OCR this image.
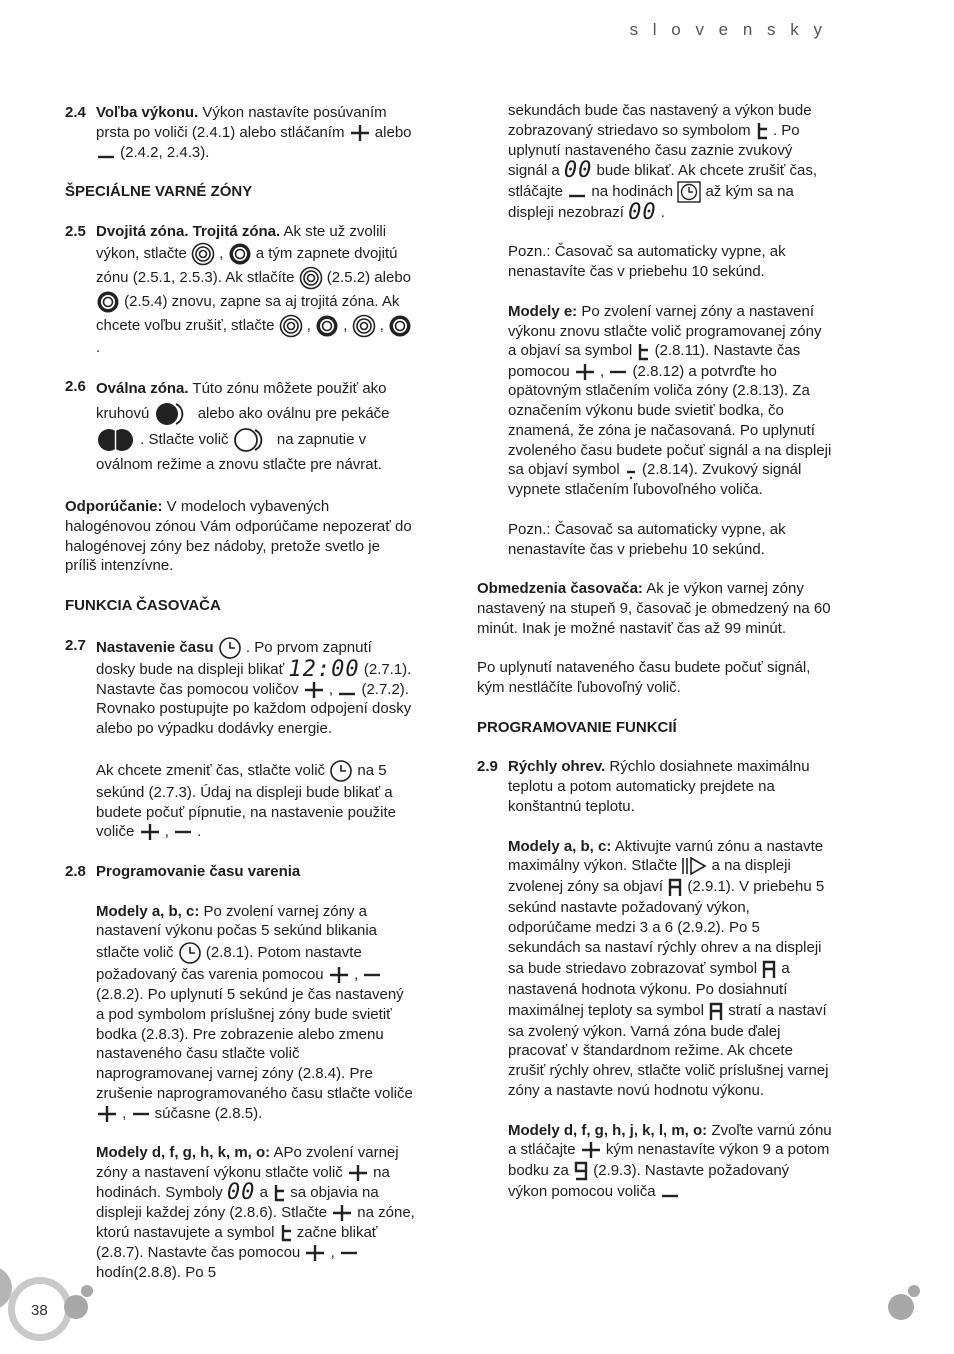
s l o v e n s k y
2.4 Voľba výkonu. Výkon nastavíte posúvaním prsta po voliči (2.4.1) alebo stláčaním
alebo
(2.4.2, 2.4.3).
ŠPECIÁLNE VARNÉ ZÓNY
2.5 Dvojitá zóna. Trojitá zóna. Ak ste už zvolili výkon, stlačte
,
a tým zapnete dvojitú zónu (2.5.1, 2.5.3). Ak stlačíte
(2.5.2) alebo
(2.5.4) znovu, zapne sa aj trojitá zóna. Ak chcete voľbu zrušiť, stlačte
,
,
,
.
2.6 Oválna zóna. Túto zónu môžete použiť ako kruhovú	alebo ako oválnu pre pekáče
. Stlačte volič	na zapnutie v oválnom režime a znovu stlačte pre návrat.

Odporúčanie: V modeloch vybavených halogénovou zónou Vám odporúčame nepozerať do halogénovej zóny bez nádoby, pretože svetlo je príliš intenzívne.

FUNKCIA ČASOVAČA
2.7 Nastavenie času
. Po prvom zapnutí dosky bude na displeji blikať 12:00 (2.7.1). Nastavte čas pomocou voličov
,
(2.7.2). Rovnako postupujte po každom odpojení dosky alebo po výpadku dodávky energie.
Ak chcete zmeniť čas, stlačte volič
na 5 sekúnd (2.7.3). Údaj na displeji bude blikať a budete počuť pípnutie, na nastavenie použite voliče
,
.
2.8 Programovanie času varenia
Modely a, b, c: Po zvolení varnej zóny a nastavení výkonu počas 5 sekúnd blikania stlačte volič
(2.8.1). Potom nastavte požadovaný čas varenia pomocou
,
(2.8.2). Po uplynutí 5 sekúnd je čas nastavený a pod symbolom príslušnej zóny bude svietiť bodka (2.8.3). Pre zobrazenie alebo zmenu nastaveného času stlačte volič naprogramovanej varnej zóny (2.8.4). Pre zrušenie naprogramovaného času stlačte voliče
,
súčasne (2.8.5).
Modely d, f, g, h, k, m, o: APo zvolení varnej zóny a nastavení výkonu stlačte volič
na hodinách. Symboly 00 a
sa objavia na displeji každej zóny (2.8.6). Stlačte
na zóne, ktorú nastavujete a symbol
začne blikať (2.8.7). Nastavte čas pomocou
,
hodín(2.8.8). Po 5
sekundách bude čas nastavený a výkon bude zobrazovaný striedavo so symbolom
. Po uplynutí nastaveného času zaznie zvukový signál a 00 bude blikať. Ak chcete zrušiť čas, stláčajte
na hodinách
až kým sa na displeji nezobrazí 00 .
Pozn.: Časovač sa automaticky vypne, ak nenastavíte čas v priebehu 10 sekúnd.
Modely e: Po zvolení varnej zóny a nastavení výkonu znovu stlačte volič programovanej zóny a objaví sa symbol
(2.8.11). Nastavte čas pomocou
,
(2.8.12) a potvrďte ho opätovným stlačením voliča zóny (2.8.13). Za označením výkonu bude svietiť bodka, čo znamená, že zóna je načasovaná. Po uplynutí zvoleného času budete počuť signál a na displeji sa objaví symbol
(2.8.14). Zvukový signál vypnete stlačením ľubovoľného voliča.
Pozn.: Časovač sa automaticky vypne, ak nenastavíte čas v priebehu 10 sekúnd.

Obmedzenia časovača: Ak je výkon varnej zóny nastavený na stupeň 9, časovač je obmedzený na 60 minút. Inak je možné nastaviť čas až 99 minút.

Po uplynutí nataveného času budete počuť signál, kým nestláčíte ľubovoľný volič.

PROGRAMOVANIE FUNKCIÍ
2.9 Rýchly ohrev. Rýchlo dosiahnete maximálnu teplotu a potom automaticky prejdete na konštantnú teplotu.
Modely a, b, c: Aktivujte varnú zónu a nastavte maximálny výkon. Stlačte
a na displeji zvolenej zóny sa objaví
(2.9.1). V priebehu 5 sekúnd nastavte požadovaný výkon, odporúčame medzi 3 a 6 (2.9.2). Po 5 sekundách sa nastaví rýchly ohrev a na displeji sa bude striedavo zobrazovať symbol
a nastavená hodnota výkonu. Po dosiahnutí maximálnej teploty sa symbol
stratí a nastaví sa zvolený výkon. Varná zóna bude ďalej pracovať v štandardnom režime. Ak chcete zrušiť rýchly ohrev, stlačte volič príslušnej varnej zóny a nastavte novú hodnotu výkonu.
Modely d, f, g, h, j, k, l, m, o: Zvoľte varnú zónu a stláčajte
kým nenastavíte výkon 9 a potom bodku za
(2.9.3). Nastavte požadovaný výkon pomocou voliča
38
